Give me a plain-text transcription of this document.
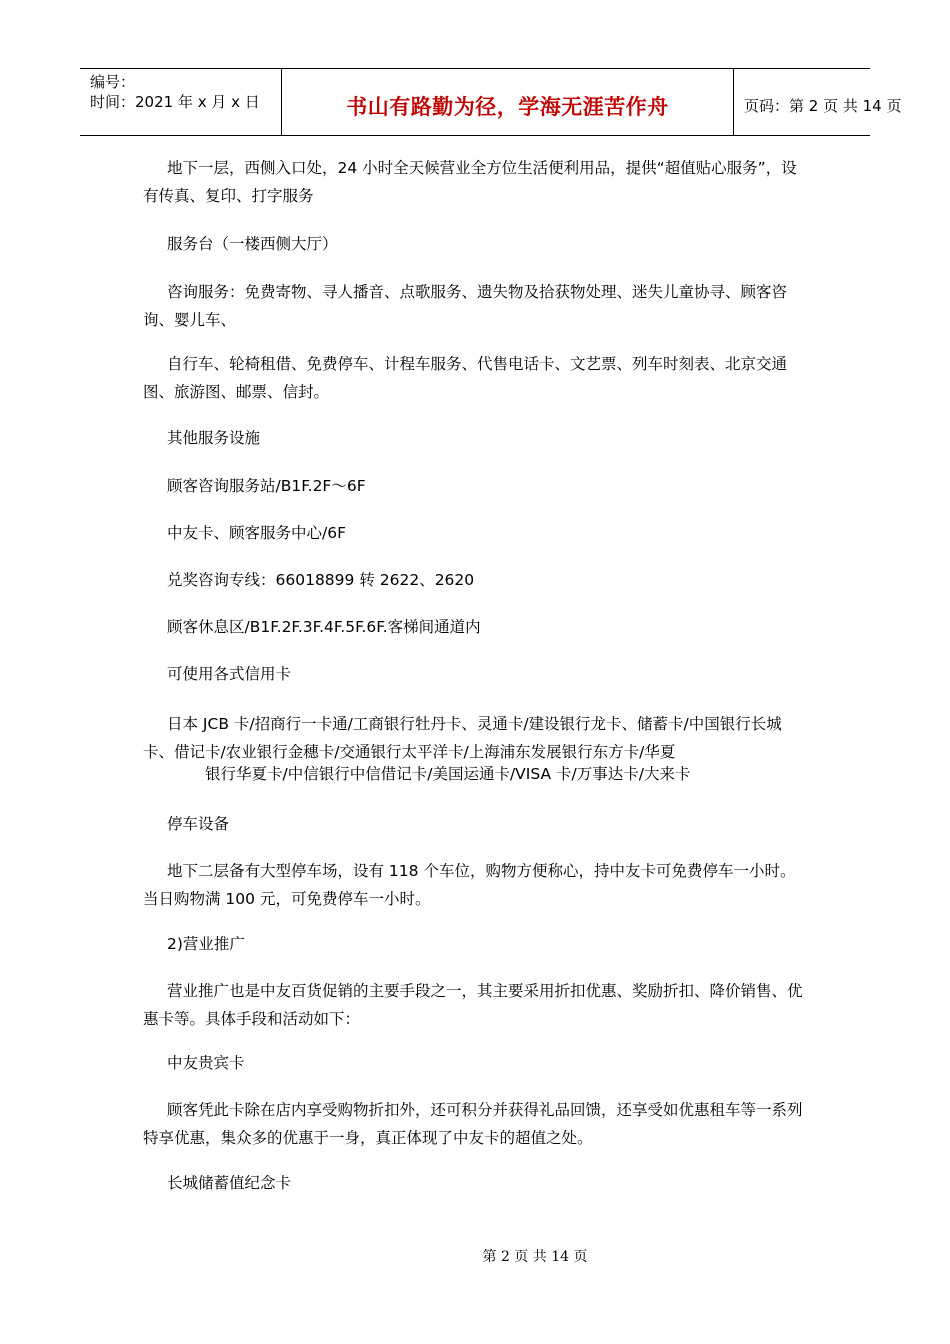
编号：
时间：2021 年 x 月 x 日	书山有路勤为径，学海无涯苦作舟	页码：第 2 页 共 14 页

地下一层，西侧入口处，24 小时全天候营业全方位生活便利用品，提供“超值贴心服务”，设有传真、复印、打字服务

服务台（一楼西侧大厅）

咨询服务：免费寄物、寻人播音、点歌服务、遗失物及拾获物处理、迷失儿童协寻、顾客咨询、婴儿车、

自行车、轮椅租借、免费停车、计程车服务、代售电话卡、文艺票、列车时刻表、北京交通图、旅游图、邮票、信封。

其他服务设施

顾客咨询服务站/B1F.2F～6F

中友卡、顾客服务中心/6F

兑奖咨询专线：66018899 转 2622、2620

顾客休息区/B1F.2F.3F.4F.5F.6F.客梯间通道内

可使用各式信用卡

日本 JCB 卡/招商行一卡通/工商银行牡丹卡、灵通卡/建设银行龙卡、储蓄卡/中国银行长城卡、借记卡/农业银行金穗卡/交通银行太平洋卡/上海浦东发展银行东方卡/华夏

银行华夏卡/中信银行中信借记卡/美国运通卡/VISA 卡/万事达卡/大来卡

停车设备

地下二层备有大型停车场，设有 118 个车位，购物方便称心，持中友卡可免费停车一小时。当日购物满 100 元，可免费停车一小时。

2)营业推广

营业推广也是中友百货促销的主要手段之一，其主要采用折扣优惠、奖励折扣、降价销售、优惠卡等。具体手段和活动如下：

中友贵宾卡

顾客凭此卡除在店内享受购物折扣外，还可积分并获得礼品回馈，还享受如优惠租车等一系列特享优惠，集众多的优惠于一身，真正体现了中友卡的超值之处。

长城储蓄值纪念卡

第 2 页 共 14 页
